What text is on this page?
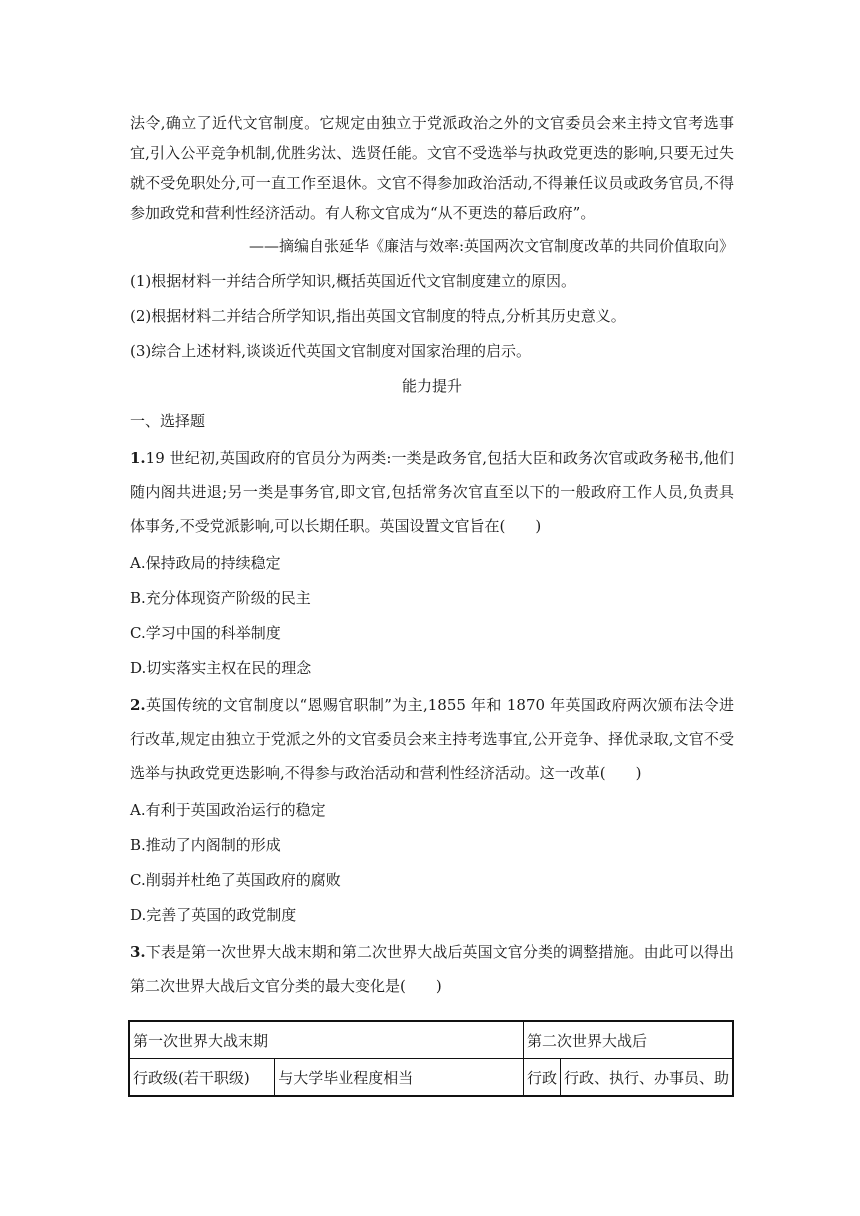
法令,确立了近代文官制度。它规定由独立于党派政治之外的文官委员会来主持文官考选事宜,引入公平竞争机制,优胜劣汰、选贤任能。文官不受选举与执政党更迭的影响,只要无过失就不受免职处分,可一直工作至退休。文官不得参加政治活动,不得兼任议员或政务官员,不得参加政党和营利性经济活动。有人称文官成为“从不更迭的幕后政府”。

——摘编自张延华《廉洁与效率:英国两次文官制度改革的共同价值取向》

(1)根据材料一并结合所学知识,概括英国近代文官制度建立的原因。

(2)根据材料二并结合所学知识,指出英国文官制度的特点,分析其历史意义。

(3)综合上述材料,谈谈近代英国文官制度对国家治理的启示。

能力提升

一、选择题

1.19 世纪初,英国政府的官员分为两类:一类是政务官,包括大臣和政务次官或政务秘书,他们随内阁共进退;另一类是事务官,即文官,包括常务次官直至以下的一般政府工作人员,负责具体事务,不受党派影响,可以长期任职。英国设置文官旨在(　　)

A.保持政局的持续稳定

B.充分体现资产阶级的民主

C.学习中国的科举制度

D.切实落实主权在民的理念

2.英国传统的文官制度以“恩赐官职制”为主,1855 年和 1870 年英国政府两次颁布法令进行改革,规定由独立于党派之外的文官委员会来主持考选事宜,公开竞争、择优录取,文官不受选举与执政党更迭影响,不得参与政治活动和营利性经济活动。这一改革(　　)

A.有利于英国政治运行的稳定

B.推动了内阁制的形成

C.削弱并杜绝了英国政府的腐败

D.完善了英国的政党制度

3.下表是第一次世界大战末期和第二次世界大战后英国文官分类的调整措施。由此可以得出第二次世界大战后文官分类的最大变化是(　　)

第一次世界大战末期		第二次世界大战后	
行政级(若干职级)	与大学毕业程度相当	行政	行政、执行、办事员、助
